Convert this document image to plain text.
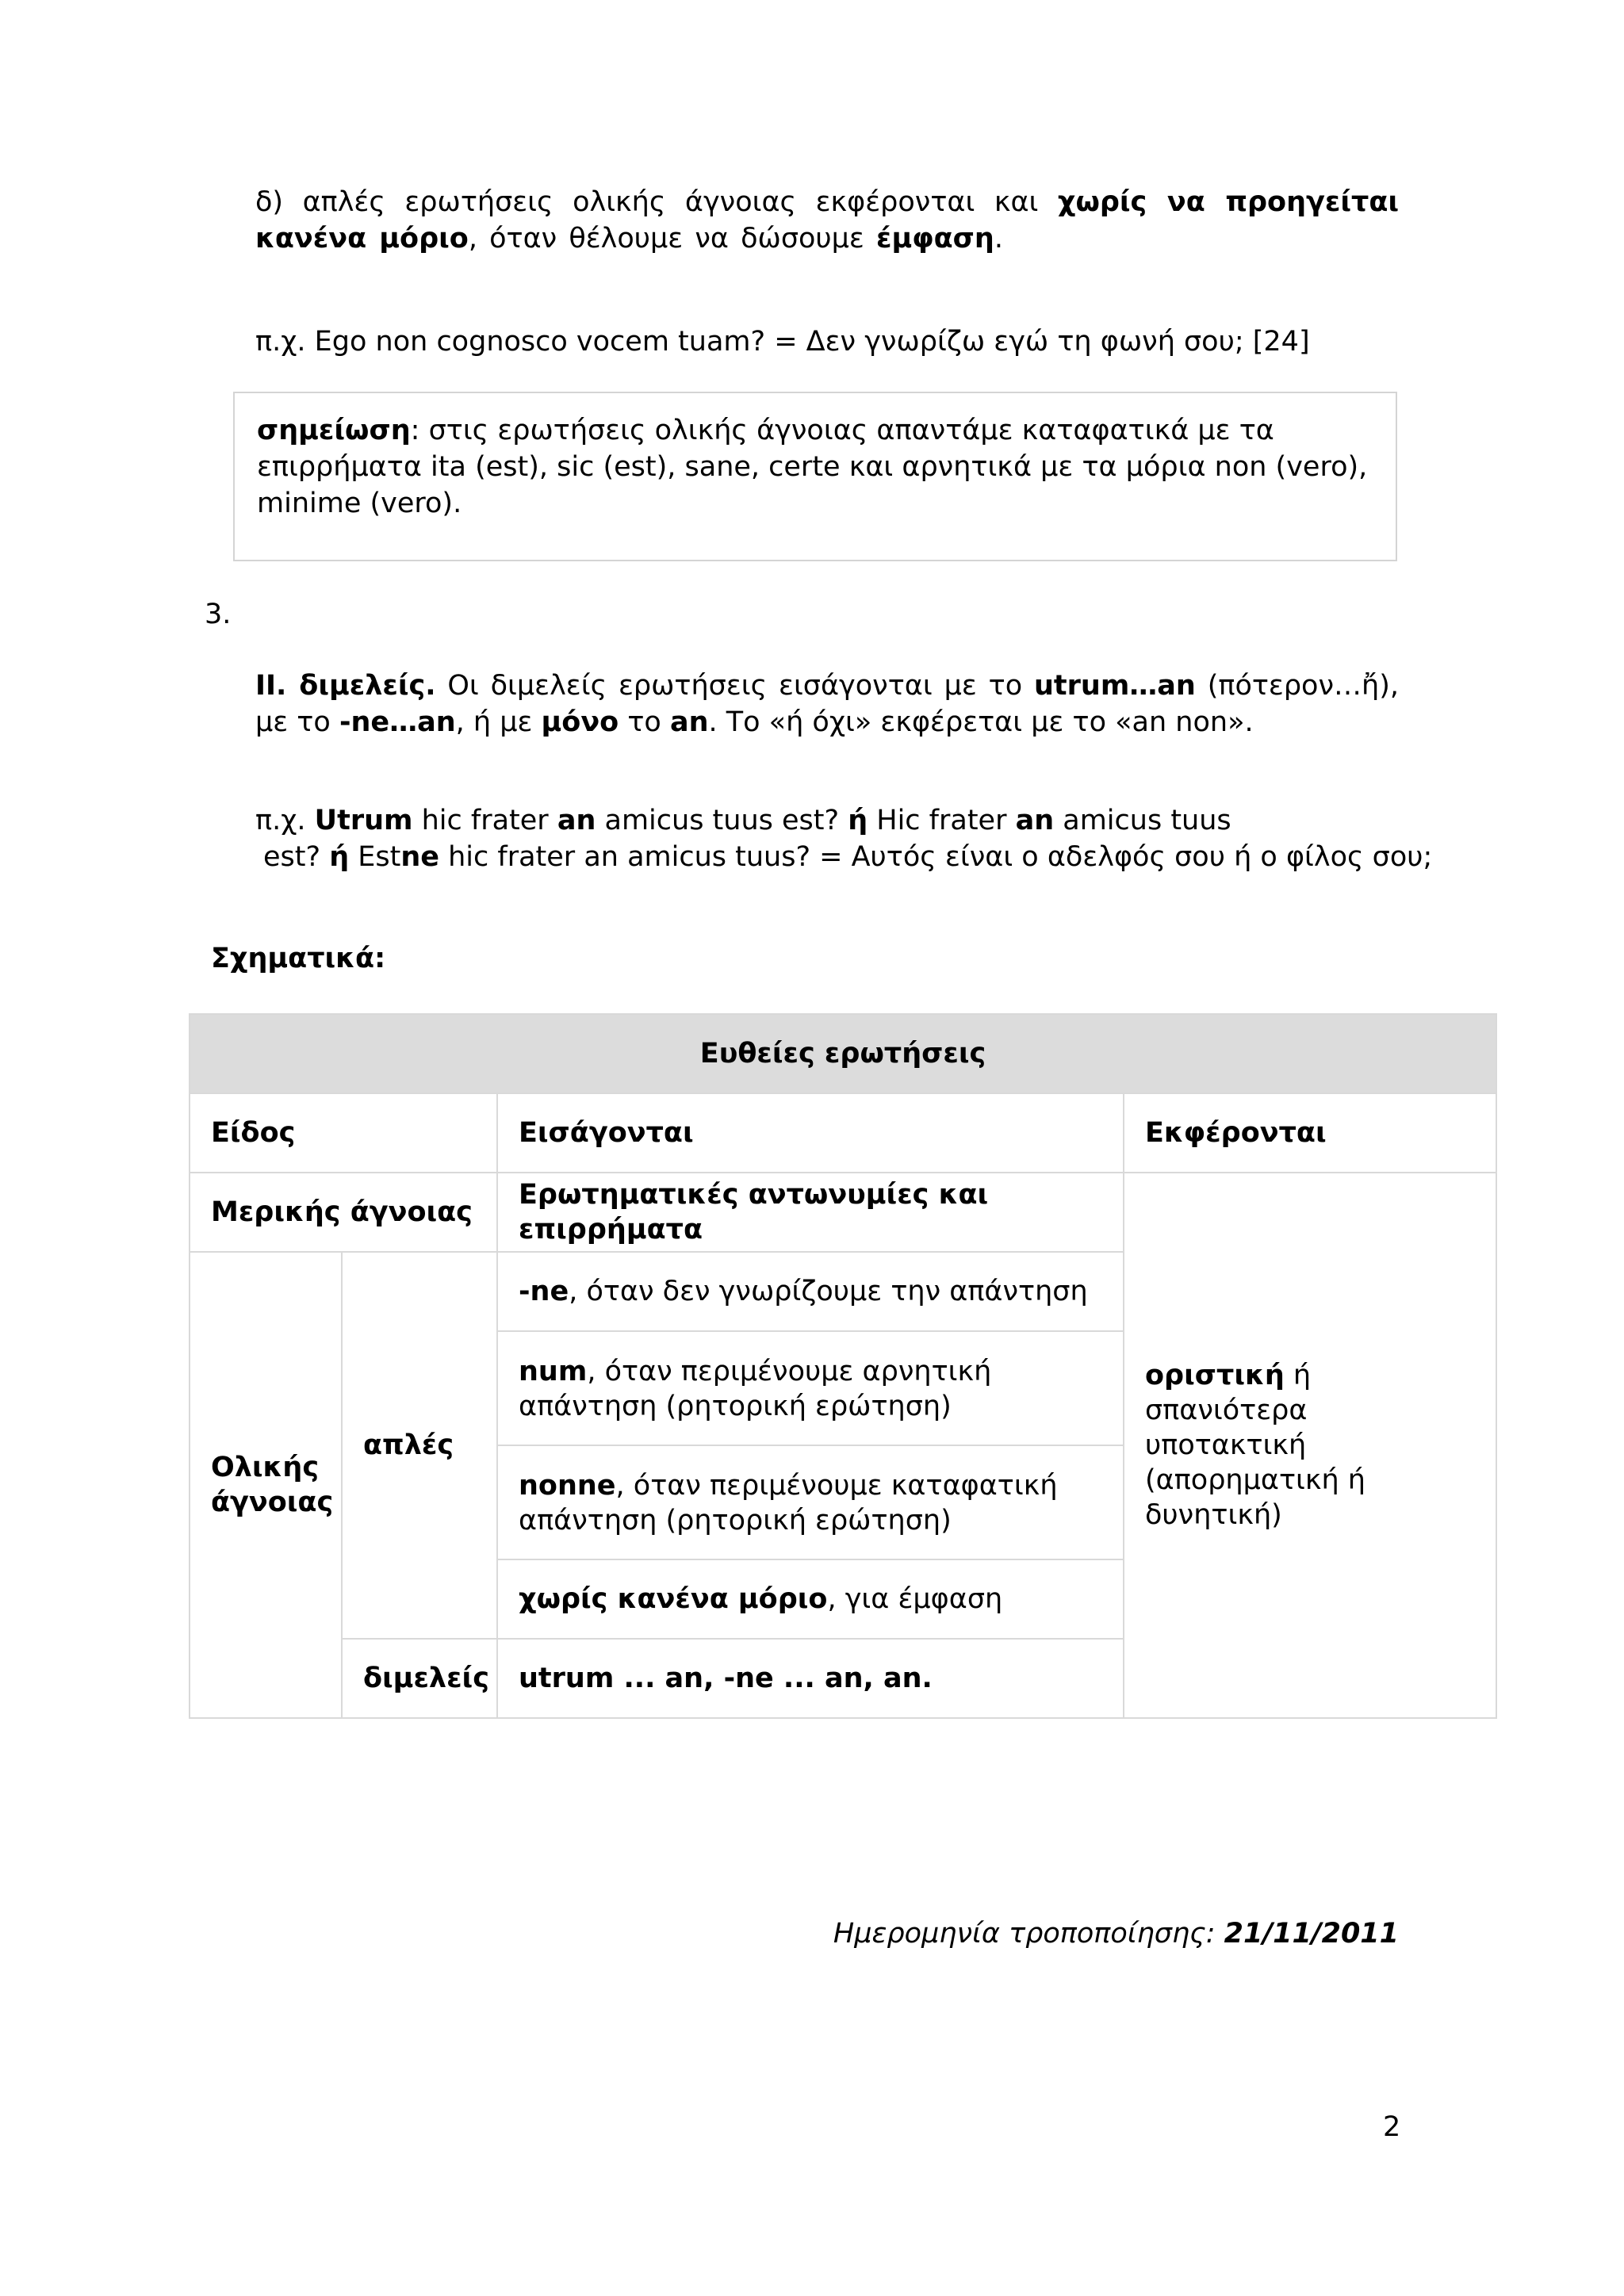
δ) απλές ερωτήσεις ολικής άγνοιας εκφέρονται και χωρίς να προηγείται κανένα μόριο, όταν θέλουμε να δώσουμε έμφαση.
π.χ. Ego non cognosco vocem tuam? = Δεν γνωρίζω εγώ τη φωνή σου; [24]
σημείωση: στις ερωτήσεις ολικής άγνοιας απαντάμε καταφατικά με τα επιρρήματα ita (est), sic (est), sane, certe και αρνητικά με τα μόρια non (vero), minime (vero).
3.
ΙΙ. διμελείς. Οι διμελείς ερωτήσεις εισάγονται με το utrum…an (πότερον…ἤ), με το -ne…an, ή με μόνο το an. Το «ή όχι» εκφέρεται με το «an non».
π.χ. Utrum hic frater an amicus tuus est? ή Hic frater an amicus tuus
est? ή Estne hic frater an amicus tuus? = Αυτός είναι ο αδελφός σου ή ο φίλος σου;
Σχηματικά:
Ευθείες ερωτήσεις			
Είδος		Εισάγονται	Εκφέρονται
Μερικής άγνοιας		Ερωτηματικές αντωνυμίες και επιρρήματα	οριστική ή σπανιότερα υποτακτική (απορηματική ή δυνητική)
Ολικής άγνοιας	απλές	-ne, όταν δεν γνωρίζουμε την απάντηση	
		num, όταν περιμένουμε αρνητική απάντηση (ρητορική ερώτηση)	
		nonne, όταν περιμένουμε καταφατική απάντηση (ρητορική ερώτηση)	
		χωρίς κανένα μόριο, για έμφαση	
	διμελείς	utrum ... an, -ne ... an, an.	
Ημερομηνία τροποποίησης: 21/11/2011
2
